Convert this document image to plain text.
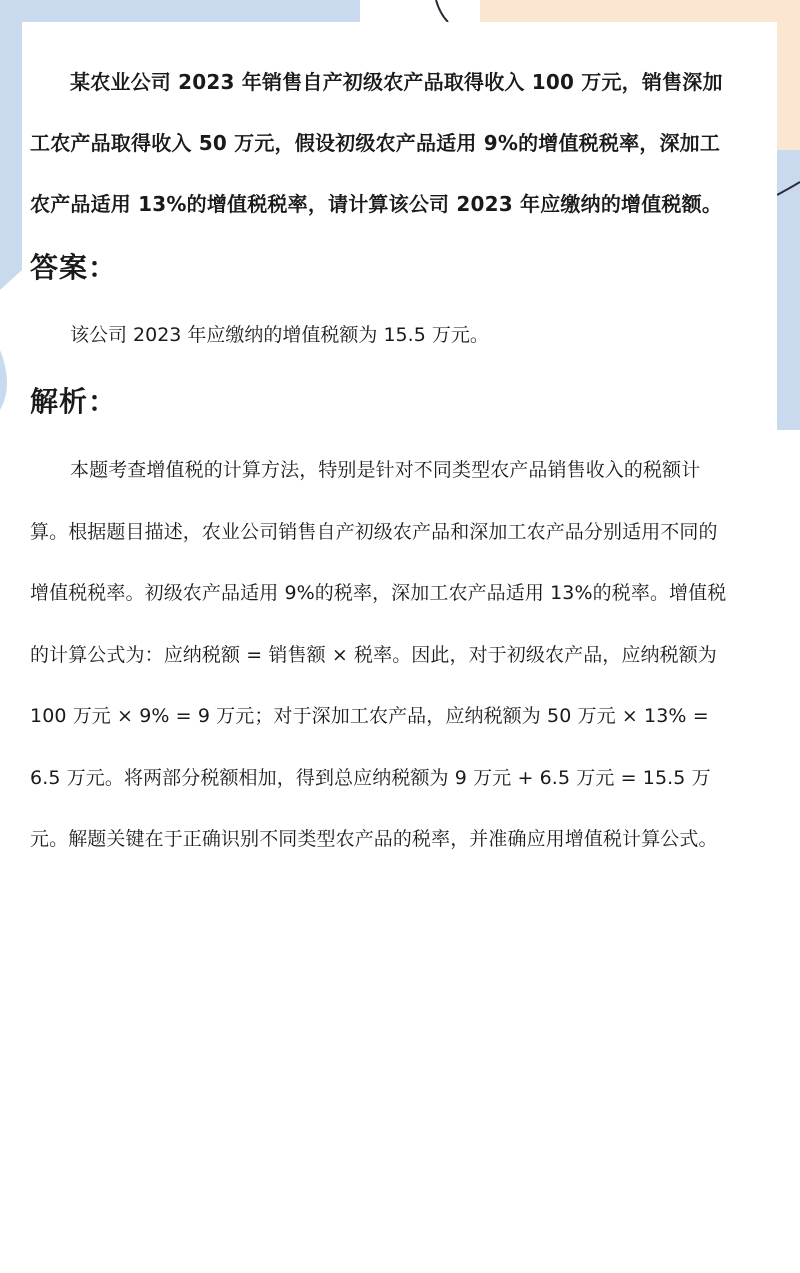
某农业公司 2023 年销售自产初级农产品取得收入 100 万元，销售深加工农产品取得收入 50 万元，假设初级农产品适用 9%的增值税税率，深加工农产品适用 13%的增值税税率，请计算该公司 2023 年应缴纳的增值税额。

答案：

该公司 2023 年应缴纳的增值税额为 15.5 万元。

解析：

本题考查增值税的计算方法，特别是针对不同类型农产品销售收入的税额计算。根据题目描述，农业公司销售自产初级农产品和深加工农产品分别适用不同的增值税税率。初级农产品适用 9%的税率，深加工农产品适用 13%的税率。增值税的计算公式为：应纳税额 = 销售额 × 税率。因此，对于初级农产品，应纳税额为 100 万元 × 9% = 9 万元；对于深加工农产品，应纳税额为 50 万元 × 13% = 6.5 万元。将两部分税额相加，得到总应纳税额为 9 万元 + 6.5 万元 = 15.5 万元。解题关键在于正确识别不同类型农产品的税率，并准确应用增值税计算公式。
